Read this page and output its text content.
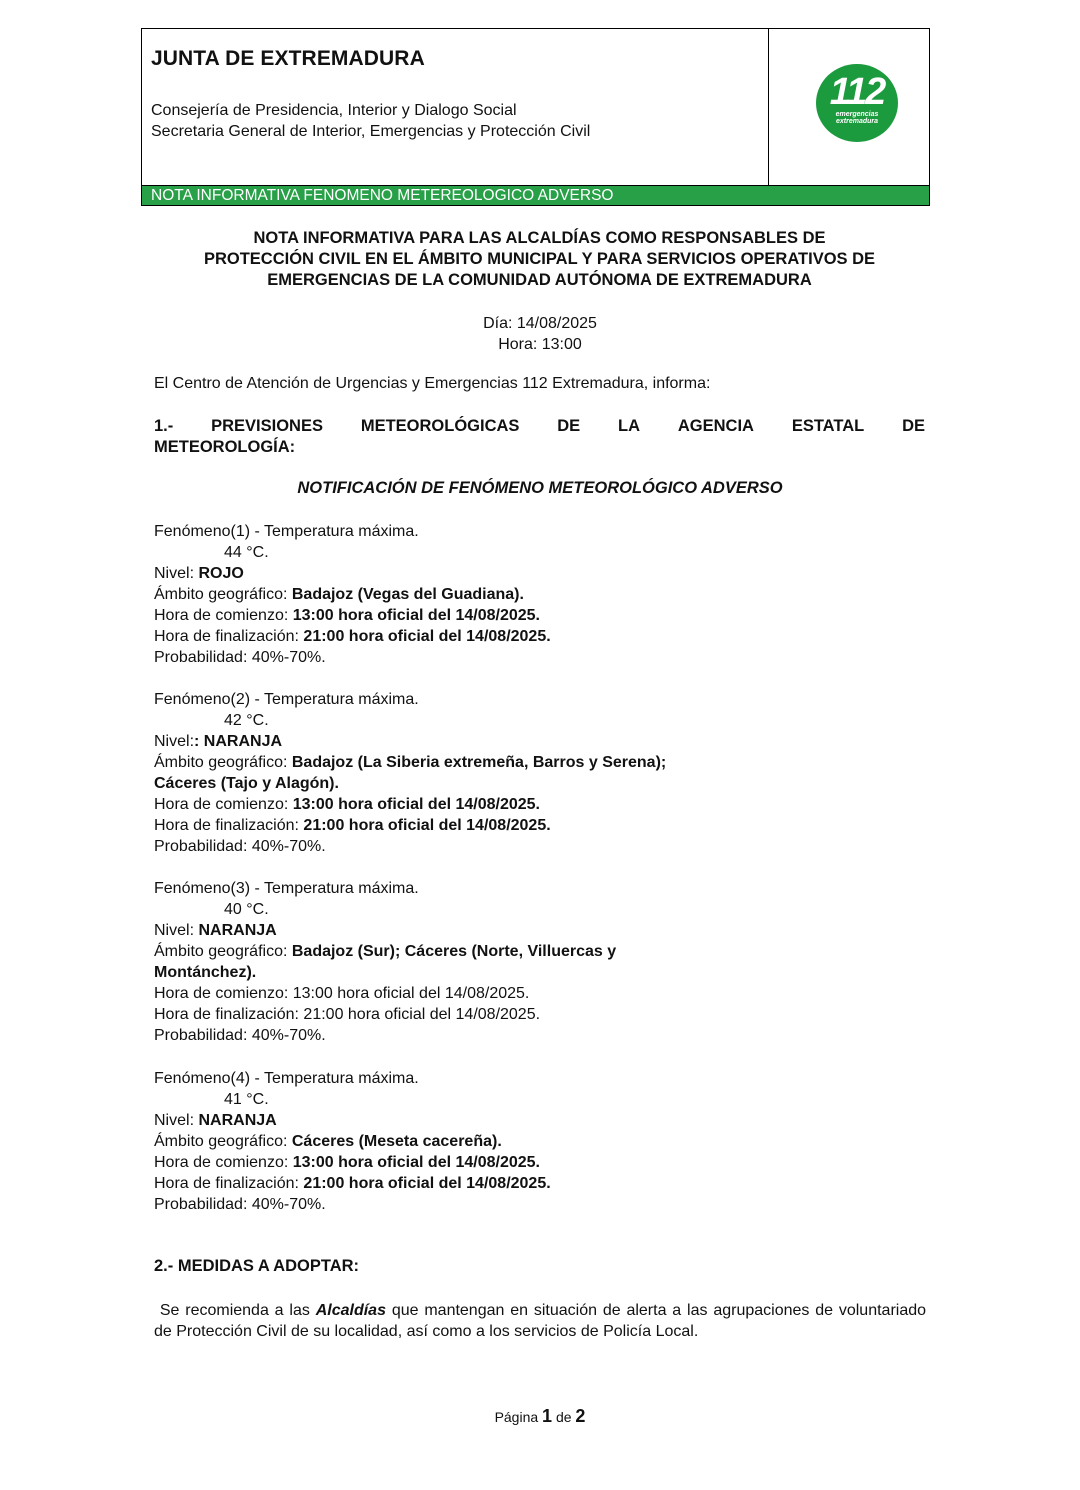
JUNTA DE EXTREMADURA
Consejería de Presidencia, Interior y Dialogo Social
Secretaria General de Interior, Emergencias y Protección Civil
112
emergencias
extremadura
NOTA INFORMATIVA FENOMENO METEREOLOGICO ADVERSO
NOTA INFORMATIVA PARA LAS ALCALDÍAS COMO RESPONSABLES DE
PROTECCIÓN CIVIL EN EL ÁMBITO MUNICIPAL Y PARA SERVICIOS OPERATIVOS DE
EMERGENCIAS DE LA COMUNIDAD AUTÓNOMA DE EXTREMADURA
Día: 14/08/2025
Hora: 13:00
El Centro de Atención de Urgencias y Emergencias 112 Extremadura, informa:
1.- PREVISIONES METEOROLÓGICAS DE LA AGENCIA ESTATAL DE
METEOROLOGÍA:
NOTIFICACIÓN DE FENÓMENO METEOROLÓGICO ADVERSO
Fenómeno(1) - Temperatura máxima.
44 °C.
Nivel: ROJO
Ámbito geográfico: Badajoz (Vegas del Guadiana).
Hora de comienzo: 13:00 hora oficial del 14/08/2025.
Hora de finalización: 21:00 hora oficial del 14/08/2025.
Probabilidad: 40%-70%.
Fenómeno(2) - Temperatura máxima.
42 °C.
Nivel:: NARANJA
Ámbito geográfico: Badajoz (La Siberia extremeña, Barros y Serena);
Cáceres (Tajo y Alagón).
Hora de comienzo: 13:00 hora oficial del 14/08/2025.
Hora de finalización: 21:00 hora oficial del 14/08/2025.
Probabilidad: 40%-70%.
Fenómeno(3) - Temperatura máxima.
40 °C.
Nivel: NARANJA
Ámbito geográfico: Badajoz (Sur); Cáceres (Norte, Villuercas y
Montánchez).
Hora de comienzo: 13:00 hora oficial del 14/08/2025.
Hora de finalización: 21:00 hora oficial del 14/08/2025.
Probabilidad: 40%-70%.
Fenómeno(4) - Temperatura máxima.
41 °C.
Nivel: NARANJA
Ámbito geográfico: Cáceres (Meseta cacereña).
Hora de comienzo: 13:00 hora oficial del 14/08/2025.
Hora de finalización: 21:00 hora oficial del 14/08/2025.
Probabilidad: 40%-70%.
2.- MEDIDAS A ADOPTAR:
Se recomienda a las Alcaldías que mantengan en situación de alerta a las agrupaciones de voluntariado de Protección Civil de su localidad, así como a los servicios de Policía Local.
Página 1 de 2
